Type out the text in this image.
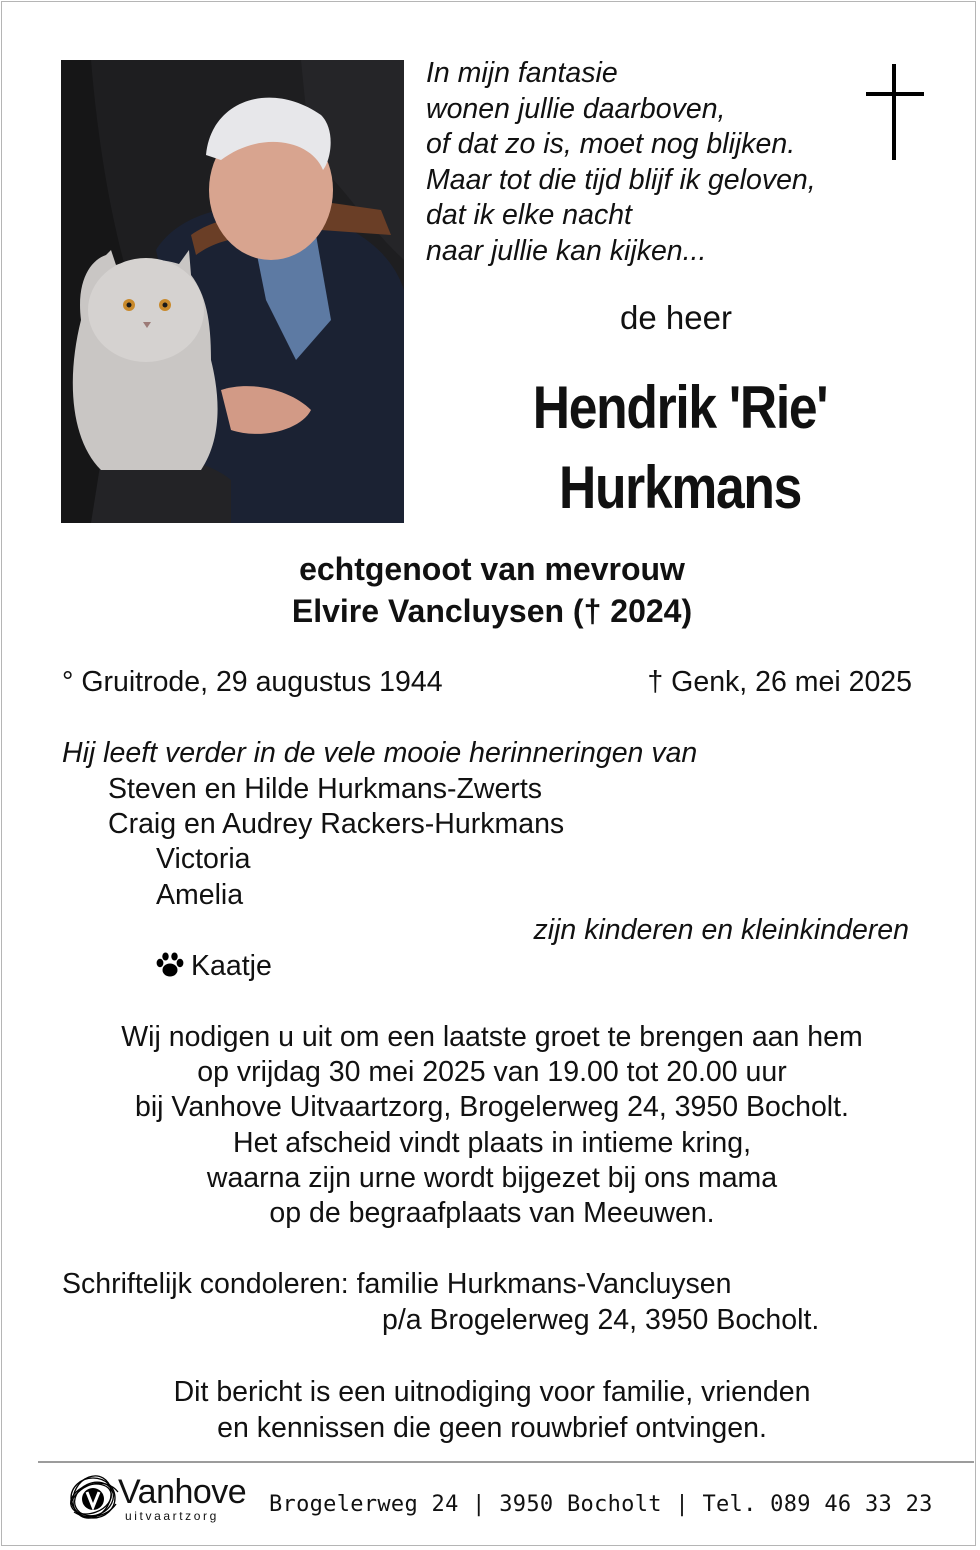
In mijn fantasie
wonen jullie daarboven,
of dat zo is, moet nog blijken.
Maar tot die tijd blijf ik geloven,
dat ik elke nacht
naar jullie kan kijken...
de heer
Hendrik 'Rie'
Hurkmans
echtgenoot van mevrouw
Elvire Vancluysen († 2024)
° Gruitrode, 29 augustus 1944	† Genk, 26 mei 2025
Hij leeft verder in de vele mooie herinneringen van
Steven en Hilde Hurkmans-Zwerts
Craig en Audrey Rackers-Hurkmans
Victoria
Amelia
zijn kinderen en kleinkinderen
Kaatje
Wij nodigen u uit om een laatste groet te brengen aan hem
op vrijdag 30 mei 2025 van 19.00 tot 20.00 uur
bij Vanhove Uitvaartzorg, Brogelerweg 24, 3950 Bocholt.
Het afscheid vindt plaats in intieme kring,
waarna zijn urne wordt bijgezet bij ons mama
op de begraafplaats van Meeuwen.
Schriftelijk condoleren: familie Hurkmans-Vancluysen
p/a Brogelerweg 24, 3950 Bocholt.
Dit bericht is een uitnodiging voor familie, vrienden
en kennissen die geen rouwbrief ontvingen.
Vanhove
uitvaartzorg Brogelerweg 24 | 3950 Bocholt | Tel. 089 46 33 23
